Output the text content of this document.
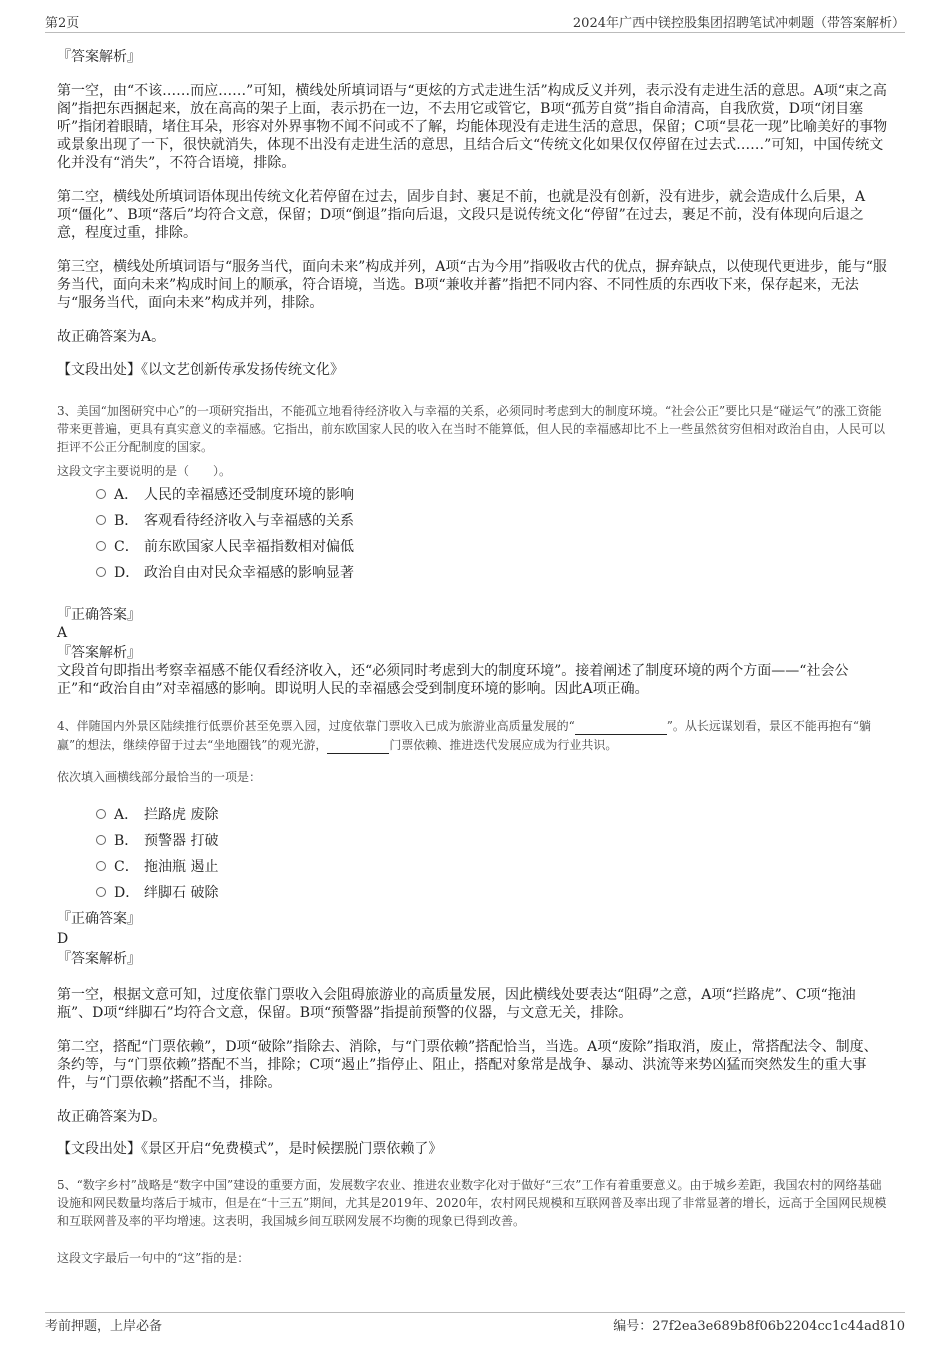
第2页	2024年广西中镁控股集团招聘笔试冲刺题（带答案解析）
『答案解析』
第一空，由“不该……而应……”可知，横线处所填词语与“更炫的方式走进生活”构成反义并列，表示没有走进生活的意思。A项“束之高阁”指把东西捆起来，放在高高的架子上面，表示扔在一边，不去用它或管它，B项“孤芳自赏”指自命清高，自我欣赏，D项“闭目塞听”指闭着眼睛，堵住耳朵，形容对外界事物不闻不问或不了解，均能体现没有走进生活的意思，保留；C项“昙花一现”比喻美好的事物或景象出现了一下，很快就消失，体现不出没有走进生活的意思，且结合后文“传统文化如果仅仅停留在过去式……”可知，中国传统文化并没有“消失”，不符合语境，排除。
第二空，横线处所填词语体现出传统文化若停留在过去，固步自封、裹足不前，也就是没有创新，没有进步，就会造成什么后果，A项“僵化”、B项“落后”均符合文意，保留；D项“倒退”指向后退，文段只是说传统文化“停留”在过去，裹足不前，没有体现向后退之意，程度过重，排除。
第三空，横线处所填词语与“服务当代，面向未来”构成并列，A项“古为今用”指吸收古代的优点，摒弃缺点，以使现代更进步，能与“服务当代，面向未来”构成时间上的顺承，符合语境，当选。B项“兼收并蓄”指把不同内容、不同性质的东西收下来，保存起来，无法与“服务当代，面向未来”构成并列，排除。
故正确答案为A。
【文段出处】《以文艺创新传承发扬传统文化》
3、美国“加图研究中心”的一项研究指出，不能孤立地看待经济收入与幸福的关系，必须同时考虑到大的制度环境。“社会公正”要比只是“碰运气”的涨工资能带来更普遍，更具有真实意义的幸福感。它指出，前东欧国家人民的收入在当时不能算低，但人民的幸福感却比不上一些虽然贫穷但相对政治自由，人民可以拒评不公正分配制度的国家。
这段文字主要说明的是（　　）。
A． 人民的幸福感还受制度环境的影响
B． 客观看待经济收入与幸福感的关系
C． 前东欧国家人民幸福指数相对偏低
D． 政治自由对民众幸福感的影响显著
『正确答案』
A
『答案解析』
文段首句即指出考察幸福感不能仅看经济收入，还“必须同时考虑到大的制度环境”。接着阐述了制度环境的两个方面——“社会公正”和“政治自由”对幸福感的影响。即说明人民的幸福感会受到制度环境的影响。因此A项正确。
4、伴随国内外景区陆续推行低票价甚至免票入园，过度依靠门票收入已成为旅游业高质量发展的“	”。从长远谋划看，景区不能再抱有“躺赢”的想法，继续停留于过去“坐地圈钱”的观光游，	门票依赖、推进迭代发展应成为行业共识。
依次填入画横线部分最恰当的一项是：
A． 拦路虎 废除
B． 预警器 打破
C． 拖油瓶 遏止
D． 绊脚石 破除
『正确答案』
D
『答案解析』
第一空，根据文意可知，过度依靠门票收入会阻碍旅游业的高质量发展，因此横线处要表达“阻碍”之意，A项“拦路虎”、C项“拖油瓶”、D项“绊脚石”均符合文意，保留。B项“预警器”指提前预警的仪器，与文意无关，排除。
第二空，搭配“门票依赖”，D项“破除”指除去、消除，与“门票依赖”搭配恰当，当选。A项“废除”指取消，废止，常搭配法令、制度、条约等，与“门票依赖”搭配不当，排除；C项“遏止”指停止、阻止，搭配对象常是战争、暴动、洪流等来势凶猛而突然发生的重大事件，与“门票依赖”搭配不当，排除。
故正确答案为D。
【文段出处】《景区开启“免费模式”，是时候摆脱门票依赖了》
5、“数字乡村”战略是“数字中国”建设的重要方面，发展数字农业、推进农业数字化对于做好“三农”工作有着重要意义。由于城乡差距，我国农村的网络基础设施和网民数量均落后于城市，但是在“十三五”期间，尤其是2019年、2020年，农村网民规模和互联网普及率出现了非常显著的增长，远高于全国网民规模和互联网普及率的平均增速。这表明，我国城乡间互联网发展不均衡的现象已得到改善。
这段文字最后一句中的“这”指的是：
考前押题，上岸必备	编号：27f2ea3e689b8f06b2204cc1c44ad810
